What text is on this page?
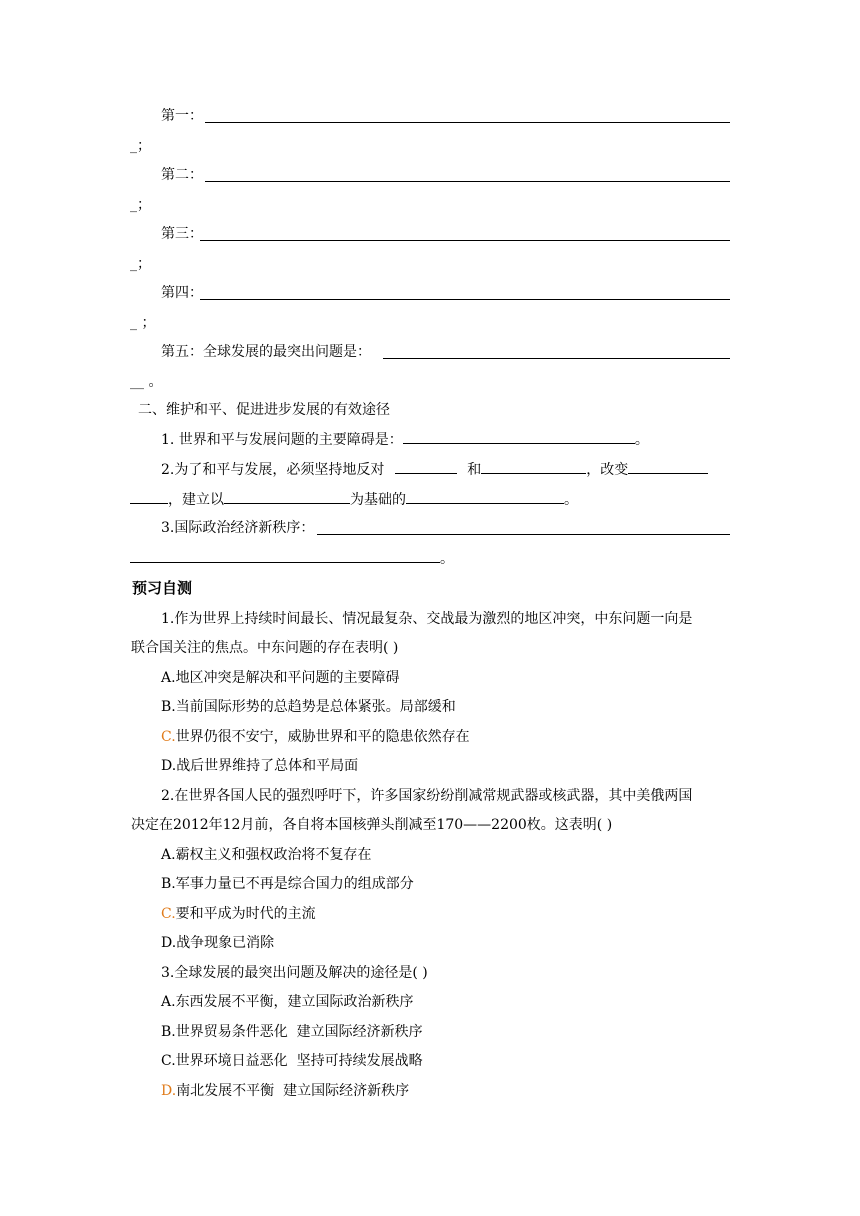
第一：
_；
第二：
_；
第三：
_；
第四：
_ ；
第五：全球发展的最突出问题是：
__ 。
二、维护和平、促进进步发展的有效途径
1. 世界和平与发展问题的主要障碍是：	。
2.为了和平与发展，必须坚持地反对	和	，改变
，建立以	为基础的	。
3.国际政治经济新秩序：
。
预习自测
1.作为世界上持续时间最长、情况最复杂、交战最为激烈的地区冲突，中东问题一向是
联合国关注的焦点。中东问题的存在表明( )
A.地区冲突是解决和平问题的主要障碍
B.当前国际形势的总趋势是总体紧张。局部缓和
C.世界仍很不安宁，威胁世界和平的隐患依然存在
D.战后世界维持了总体和平局面
2.在世界各国人民的强烈呼吁下，许多国家纷纷削减常规武器或核武器，其中美俄两国
决定在2012年12月前，各自将本国核弹头削减至170——2200枚。这表明( )
A.霸权主义和强权政治将不复存在
B.军事力量已不再是综合国力的组成部分
C.要和平成为时代的主流
D.战争现象已消除
3.全球发展的最突出问题及解决的途径是( )
A.东西发展不平衡，建立国际政治新秩序
B.世界贸易条件恶化  建立国际经济新秩序
C.世界环境日益恶化  坚持可持续发展战略
D.南北发展不平衡  建立国际经济新秩序
